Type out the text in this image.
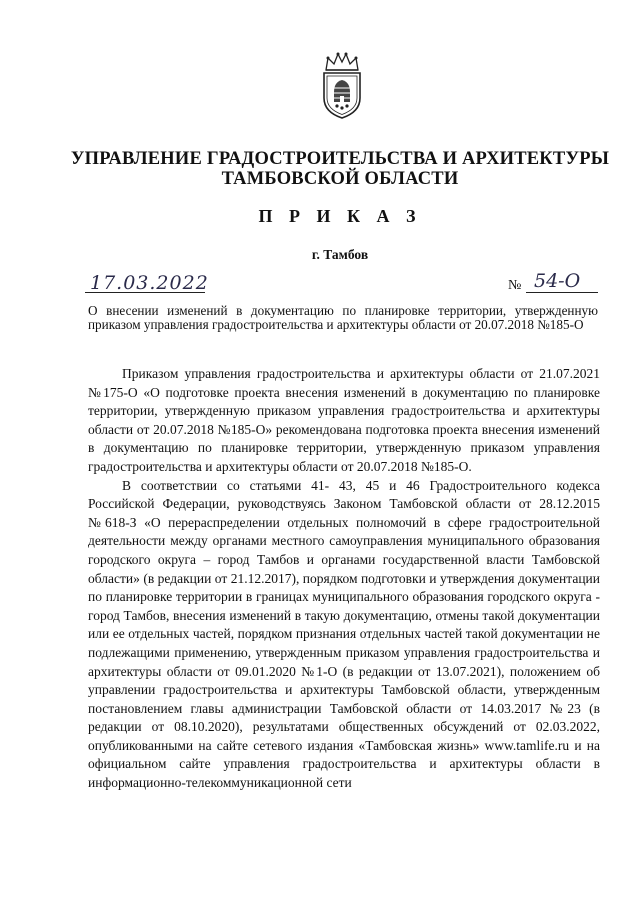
УПРАВЛЕНИЕ ГРАДОСТРОИТЕЛЬСТВА И АРХИТЕКТУРЫ
ТАМБОВСКОЙ ОБЛАСТИ
П Р И К А З
г. Тамбов
17.03.2022	№ 54-О
О внесении изменений в документацию по планировке территории, утвержденную приказом управления градостроительства и архитектуры области от 20.07.2018 №185-О

Приказом управления градостроительства и архитектуры области от 21.07.2021 №175-О «О подготовке проекта внесения изменений в документацию по планировке территории, утвержденную приказом управления градостроительства и архитектуры области от 20.07.2018 №185-О» рекомендована подготовка проекта внесения изменений в документацию по планировке территории, утвержденную приказом управления градостроительства и архитектуры области от 20.07.2018 №185-О.

В соответствии со статьями 41- 43, 45 и 46 Градостроительного кодекса Российской Федерации, руководствуясь Законом Тамбовской области от 28.12.2015 №618-З «О перераспределении отдельных полномочий в сфере градостроительной деятельности между органами местного самоуправления муниципального образования городского округа – город Тамбов и органами государственной власти Тамбовской области» (в редакции от 21.12.2017), порядком подготовки и утверждения документации по планировке территории в границах муниципального образования городского округа - город Тамбов, внесения изменений в такую документацию, отмены такой документации или ее отдельных частей, порядком признания отдельных частей такой документации не подлежащими применению, утвержденным приказом управления градостроительства и архитектуры области от 09.01.2020 №1-О (в редакции от 13.07.2021), положением об управлении градостроительства и архитектуры Тамбовской области, утвержденным постановлением главы администрации Тамбовской области от 14.03.2017 №23 (в редакции от 08.10.2020), результатами общественных обсуждений от 02.03.2022, опубликованными на сайте сетевого издания «Тамбовская жизнь» www.tamlife.ru и на официальном сайте управления градостроительства и архитектуры области в информационно-телекоммуникационной сети
